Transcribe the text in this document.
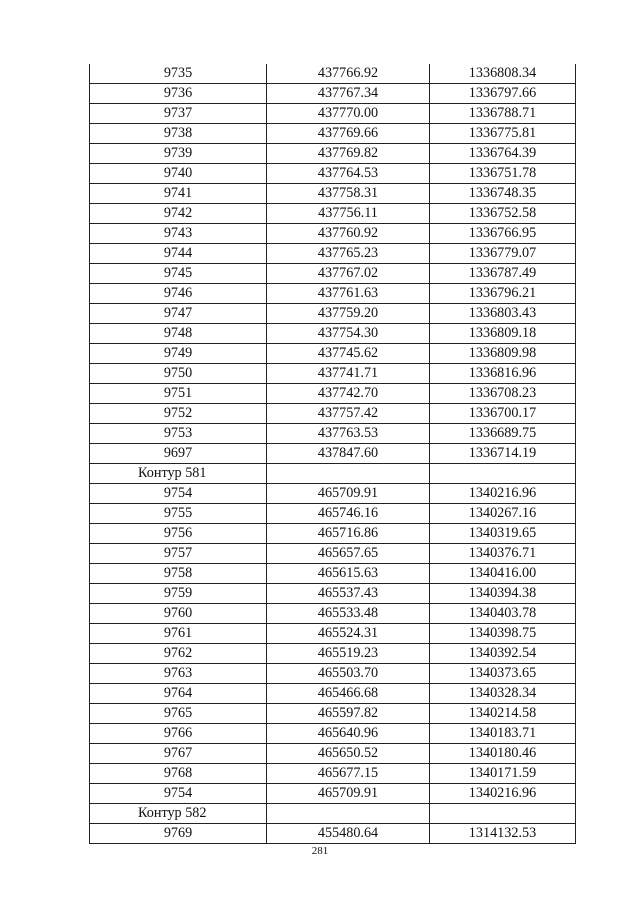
9735	437766.92	1336808.34
9736	437767.34	1336797.66
9737	437770.00	1336788.71
9738	437769.66	1336775.81
9739	437769.82	1336764.39
9740	437764.53	1336751.78
9741	437758.31	1336748.35
9742	437756.11	1336752.58
9743	437760.92	1336766.95
9744	437765.23	1336779.07
9745	437767.02	1336787.49
9746	437761.63	1336796.21
9747	437759.20	1336803.43
9748	437754.30	1336809.18
9749	437745.62	1336809.98
9750	437741.71	1336816.96
9751	437742.70	1336708.23
9752	437757.42	1336700.17
9753	437763.53	1336689.75
9697	437847.60	1336714.19
Контур 581		
9754	465709.91	1340216.96
9755	465746.16	1340267.16
9756	465716.86	1340319.65
9757	465657.65	1340376.71
9758	465615.63	1340416.00
9759	465537.43	1340394.38
9760	465533.48	1340403.78
9761	465524.31	1340398.75
9762	465519.23	1340392.54
9763	465503.70	1340373.65
9764	465466.68	1340328.34
9765	465597.82	1340214.58
9766	465640.96	1340183.71
9767	465650.52	1340180.46
9768	465677.15	1340171.59
9754	465709.91	1340216.96
Контур 582		
9769	455480.64	1314132.53
281
